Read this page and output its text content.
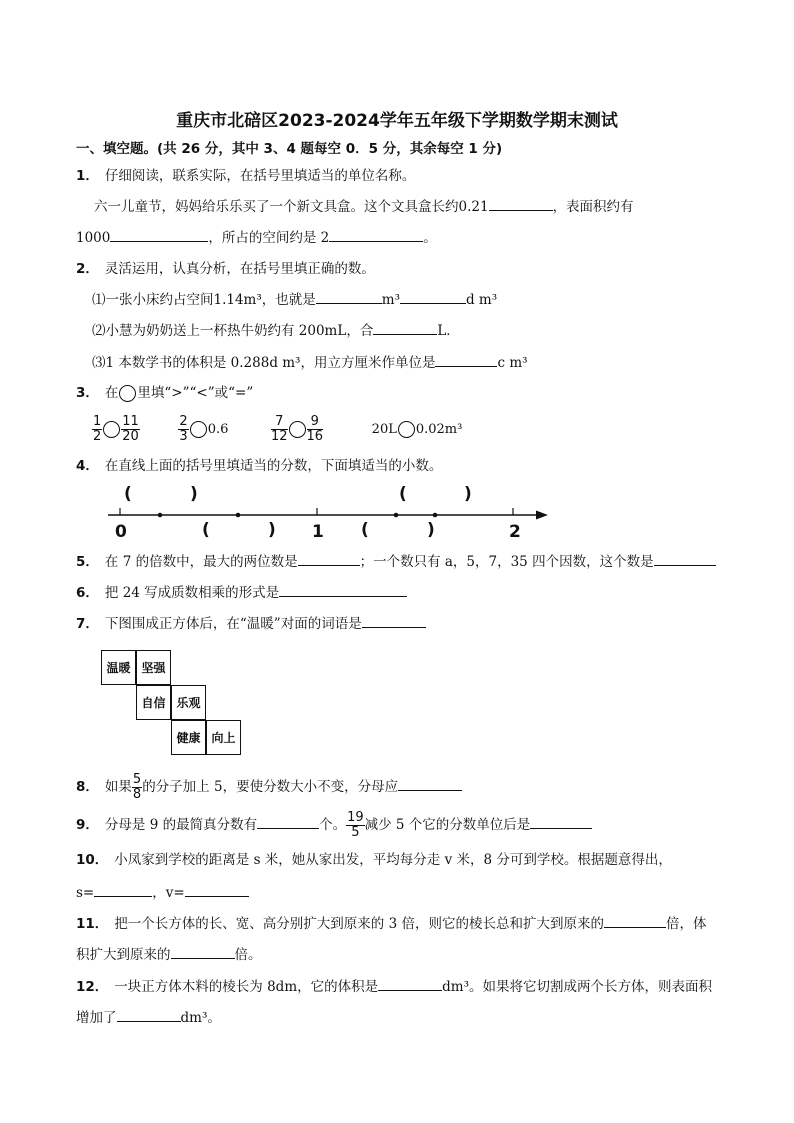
重庆市北碚区2023-2024学年五年级下学期数学期末测试
一、填空题。(共 26 分，其中 3、4 题每空 0．5 分，其余每空 1 分)
1． 仔细阅读，联系实际，在括号里填适当的单位名称。
六一儿童节，妈妈给乐乐买了一个新文具盒。这个文具盒长约0.21	，表面积约有
1000	，所占的空间约是 2	。
2． 灵活运用，认真分析，在括号里填正确的数。
⑴一张小床约占空间1.14m³，也就是	m³	d m³
⑵小慧为奶奶送上一杯热牛奶约有 200mL，合	L．
⑶1 本数学书的体积是 0.288d m³，用立方厘米作单位是	c m³
3． 在 里填“>”“<”或“=”
$\frac{1}{2} \frac{11}{20}$
	$\frac{2}{3} 0.6$	$\frac{7}{12} \frac{9}{16}$	20L 0.02m³
4． 在直线上面的括号里填适当的分数，下面填适当的小数。
0	1	2
(	)	(	)
(	)	(	)
5． 在 7 的倍数中，最大的两位数是	；一个数只有 a，5，7，35 四个因数，这个数是
6． 把 24 写成质数相乘的形式是
7． 下图围成正方体后，在“温暖”对面的词语是
温暖 坚强
自信 乐观
健康 向上
8． 如果 $\frac{5}{8}$ 的分子加上 5，要使分数大小不变，分母应
9． 分母是 9 的最简真分数有	个。 $\frac{19}{5}$ 减少 5 个它的分数单位后是
10． 小凤家到学校的距离是 s 米，她从家出发，平均每分走 v 米，8 分可到学校。根据题意得出，
s=	，v=
11． 把一个长方体的长、宽、高分别扩大到原来的 3 倍，则它的棱长总和扩大到原来的	倍，体
积扩大到原来的	倍。
12． 一块正方体木料的棱长为 8dm，它的体积是	dm³。如果将它切割成两个长方体，则表面积
增加了	dm³。
